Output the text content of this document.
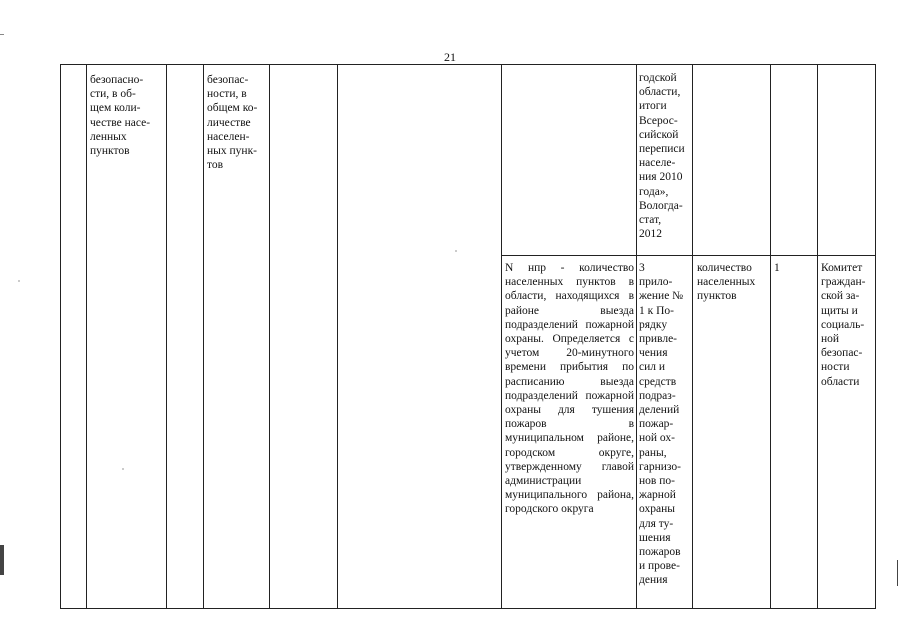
21
безопасно-
сти, в об-
щем коли-
честве насе-
ленных
пунктов
безопас-
ности, в
общем ко-
личестве
населен-
ных пунк-
тов
годской
области,
итоги
Всерос-
сийской
переписи
населе-
ния 2010
года»,
Вологда-
стат,
2012
N нпр - количество населенных пунктов в области, находящихся в районе выезда подразделений пожарной охраны. Определяется с учетом 20-минутного времени прибытия по расписанию выезда подразделений пожарной охраны для тушения пожаров в муниципальном районе, городском округе, утвержденному главой администрации муниципального района, городского округа
3
прило-
жение №
1 к По-
рядку
привле-
чения
сил и
средств
подраз-
делений
пожар-
ной ох-
раны,
гарнизо-
нов по-
жарной
охраны
для ту-
шения
пожаров
и прове-
дения
количество
населенных
пунктов
1	Комитет
граждан-
ской за-
щиты и
социаль-
ной
безопас-
ности
области
